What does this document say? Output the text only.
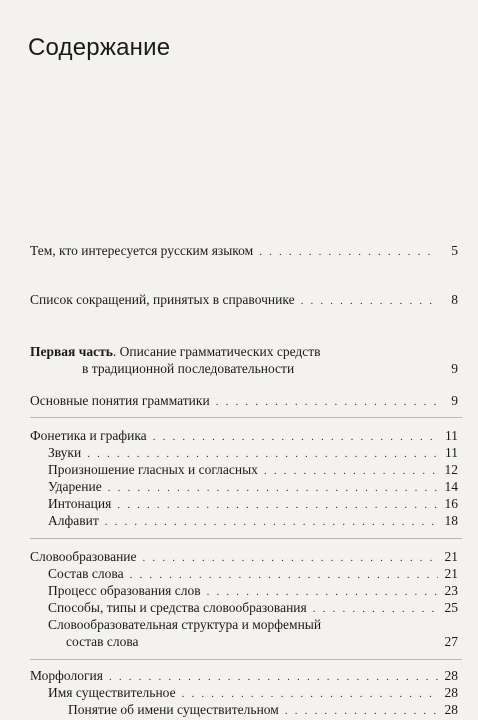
Содержание
Тем, кто интересуется русским языком . . .	5
Список сокращений, принятых в справочнике . . .	8
Первая часть. Описание грамматических средств
в традиционной последовательности	9
Основные понятия грамматики . . .	9
Фонетика и графика . . .	11
Звуки . . .	11
Произношение гласных и согласных . . .	12
Ударение . . .	14
Интонация . . .	16
Алфавит . . .	18
Словообразование . . .	21
Состав слова . . .	21
Процесс образования слов . . .	23
Способы, типы и средства словообразования . . .	25
Словообразовательная структура и морфемный
состав слова	27
Морфология . . .	28
Имя существительное . . .	28
Понятие об имени существительном . . .	28
